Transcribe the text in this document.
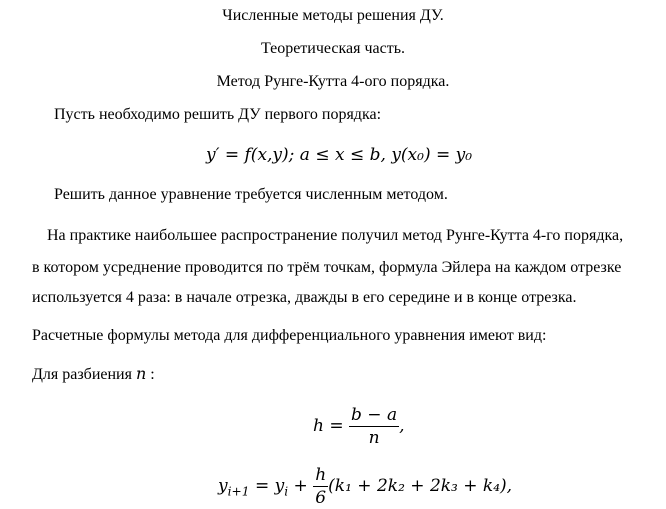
Численные методы решения ДУ.
Теоретическая часть.
Метод Рунге-Кутта 4-ого порядка.
Пусть необходимо решить ДУ первого порядка:
y′ = f(x,y); a ≤ x ≤ b, y(x₀) = y₀
Решить данное уравнение требуется численным методом.
На практике наибольшее распространение получил метод Рунге-Кутта 4-го порядка,
в котором усреднение проводится по трём точкам, формула Эйлера на каждом отрезке
используется 4 раза: в начале отрезка, дважды в его середине и в конце отрезка.
Расчетные формулы метода для дифференциального уравнения имеют вид:
Для разбиения n :
$h = \frac{b - a}{n}$ ,
$y_{i+1} = y_i + \frac{h}{6} (k_1 + 2k_2 + 2k_3 + k_4)$,
